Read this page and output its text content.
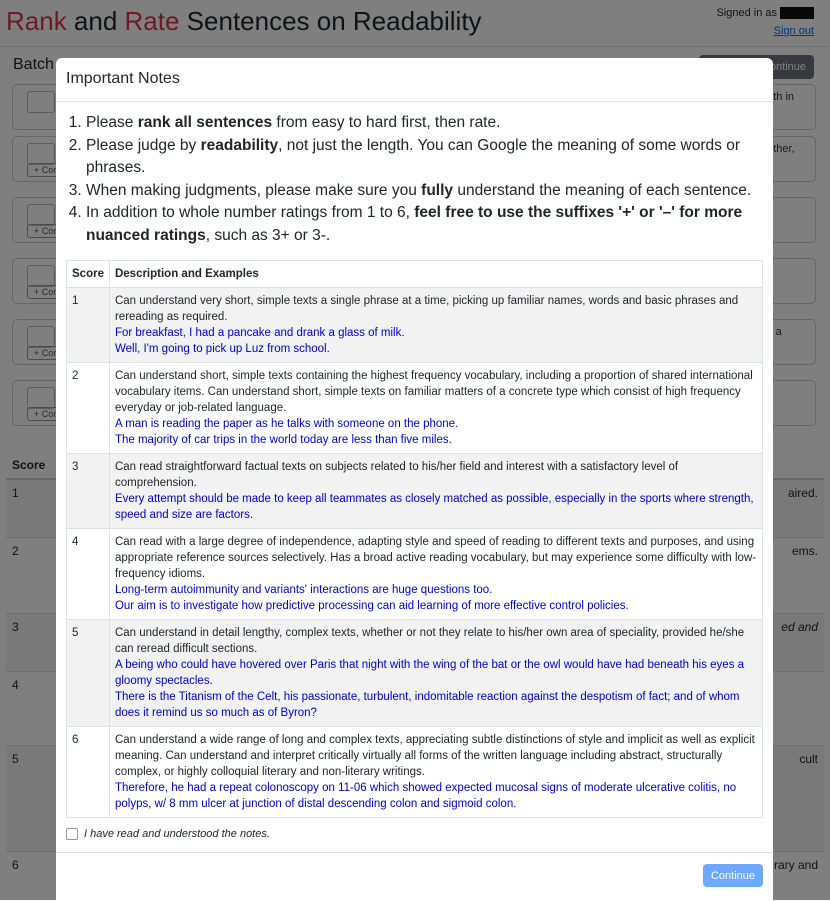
Important Notes
1. Please rank all sentences from easy to hard first, then rate.
2. Please judge by readability, not just the length. You can Google the meaning of some words or phrases.
3. When making judgments, please make sure you fully understand the meaning of each sentence.
4. In addition to whole number ratings from 1 to 6, feel free to use the suffixes '+' or '–' for more nuanced ratings, such as 3+ or 3-.
Score	Description and Examples
1	Can understand very short, simple texts a single phrase at a time, picking up familiar names, words and basic phrases and rereading as required.
For breakfast, I had a pancake and drank a glass of milk.
Well, I'm going to pick up Luz from school.

2	Can understand short, simple texts containing the highest frequency vocabulary, including a proportion of shared international vocabulary items. Can understand short, simple texts on familiar matters of a concrete type which consist of high frequency everyday or job-related language.
A man is reading the paper as he talks with someone on the phone.
The majority of car trips in the world today are less than five miles.

3	Can read straightforward factual texts on subjects related to his/her field and interest with a satisfactory level of comprehension.
Every attempt should be made to keep all teammates as closely matched as possible, especially in the sports where strength, speed and size are factors.

4	Can read with a large degree of independence, adapting style and speed of reading to different texts and purposes, and using appropriate reference sources selectively. Has a broad active reading vocabulary, but may experience some difficulty with low-frequency idioms.
Long-term autoimmunity and variants' interactions are huge questions too.
Our aim is to investigate how predictive processing can aid learning of more effective control policies.

5	Can understand in detail lengthy, complex texts, whether or not they relate to his/her own area of speciality, provided he/she can reread difficult sections.
A being who could have hovered over Paris that night with the wing of the bat or the owl would have had beneath his eyes a gloomy spectacles.
There is the Titanism of the Celt, his passionate, turbulent, indomitable reaction against the despotism of fact; and of whom does it remind us so much as of Byron?

6	Can understand a wide range of long and complex texts, appreciating subtle distinctions of style and implicit as well as explicit meaning. Can understand and interpret critically virtually all forms of the written language including abstract, structurally complex, or highly colloquial literary and non-literary writings.
Therefore, he had a repeat colonoscopy on 11-06 which showed expected mucosal signs of moderate ulcerative colitis, no polyps, w/ 8 mm ulcer at junction of distal descending colon and sigmoid colon.
I have read and understood the notes.
Continue
